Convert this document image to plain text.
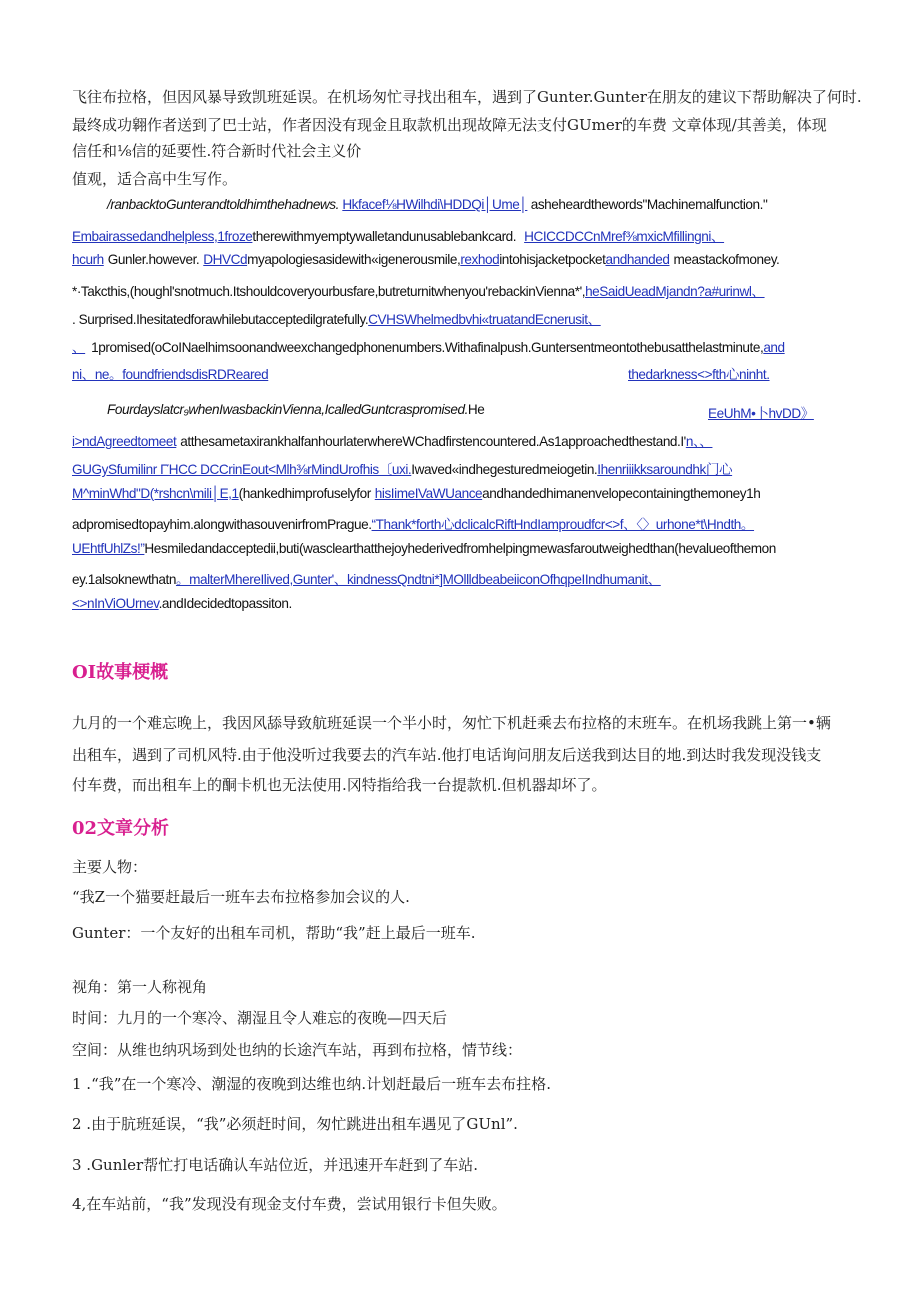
飞往布拉格，但因风暴导致凯班延误。在机场匆忙寻找出租车，遇到了Gunter.Gunter在朋友的建议下帮助解决了何时.
最终成功翱作者送到了巴士站，作者因没有现金且取款机出现故障无法支付GUmer的车费 文章体现/其善美，体现
信任和⅛信的延要性.符合新时代社会主义价
值观，适合高中生写作。
/ranbacktoGunterandtoldhimthehadnews. Hkfacef⅛HWilhdi\HDDQi│Ume│ asheheardthewords"Machinemalfunction."
Embairassedandhelpless,1frozetherewithmyemptywalletandunusablebankcard. HCICCDCCnMref⅜mxicMfillingni、
hcurh Gunler.however. DHVCdmyapologiesasidewith«igenerousmile,rexhodintohisjacketpocketandhanded meastackofmoney.
*·Takcthis,(houghl'snotmuch.Itshouldcoveryourbusfare,butreturnitwhenyou'rebackinVienna*',heSaidUeadMjandn?a#urinwl、
. Surprised.Ihesitatedforawhilebutacceptedilgratefully.CVHSWhelmedbvhi«truatandEcnerusit、
、 1promised(oCoINaelhimsoonandweexchangedphonenumbers.Withafinalpush.Guntersentmeontothebusatthelastminute,and
ni、ne。foundfriendsdisRDReared	thedarkness<>fth心ninht.
Fourdayslatcr₉whenIwasbackinVienna,IcalledGuntcraspromised.He	EeUhM•卜hvDD》
i>ndAgreedtomeet atthesametaxirankhalfanhourlaterwhereWChadfirstencountered.As1approachedthestand.I'n、、
GUGySfumilinr ΓΉCC DCCrinEout<Mlh⅜rMindUrofhis〔uxi.Iwaved«indhegesturedmeiogetin.Ihenriiikksaroundhk门心
M^minWhd"D(*rshcn\mili│E,1(hankedhimprofuselyfor hisIimeIVaWUanceandhandedhimanenvelopecontainingthemoney1h
adpromisedtopayhim.alongwithasouvenirfromPrague.“Thank*forth心dclicalcRiftHndIamproudfcr<>f、〈〉urhone*t\Hndth。
UEhtfUhlZs!”Hesmiledandacceptedii,buti(wasclearthatthejoyhederivedfromhelpingmewasfaroutweighedthan(hevalueofthemon
ey.1alsoknewthatn。malterMhereIlived,Gunter'、kindnessQndtni*]MOllldbeabeiiconOfhqpeIIndhumanit、
<>nInViOUrnev.andIdecidedtopassiton.
OI故事梗概
九月的一个难忘晚上，我因风舔导致航班延误一个半小时，匆忙下机赶乘去布拉格的末班车。在机场我跳上第一•辆
出租车，遇到了司机风特.由于他没听过我要去的汽车站.他打电话询问朋友后送我到达目的地.到达时我发现没钱支
付车费，而出租车上的酮卡机也无法使用.冈特指给我一台提款机.但机器却坏了。
02文章分析
主要人物：
“我Z一个猫要赶最后一班车去布拉格参加会议的人.
Gunter：一个友好的出租车司机，帮助“我”赶上最后一班车.
视角：第一人称视角
时间：九月的一个寒冷、潮湿且令人难忘的夜晚—四天后
空间：从维也纳巩场到处也纳的长途汽车站，再到布拉格，情节线：
1 .“我”在一个寒冷、潮湿的夜晚到达维也纳.计划赶最后一班车去布拄格.
2 .由于肮班延误，“我”必须赶时间，匆忙跳进出租车遇见了GUnl”.
3 .Gunler帮忙打电话确认车站位近，并迅速开车赶到了车站.
4,在车站前，“我”发现没有现金支付车费，尝试用银行卡但失败。
